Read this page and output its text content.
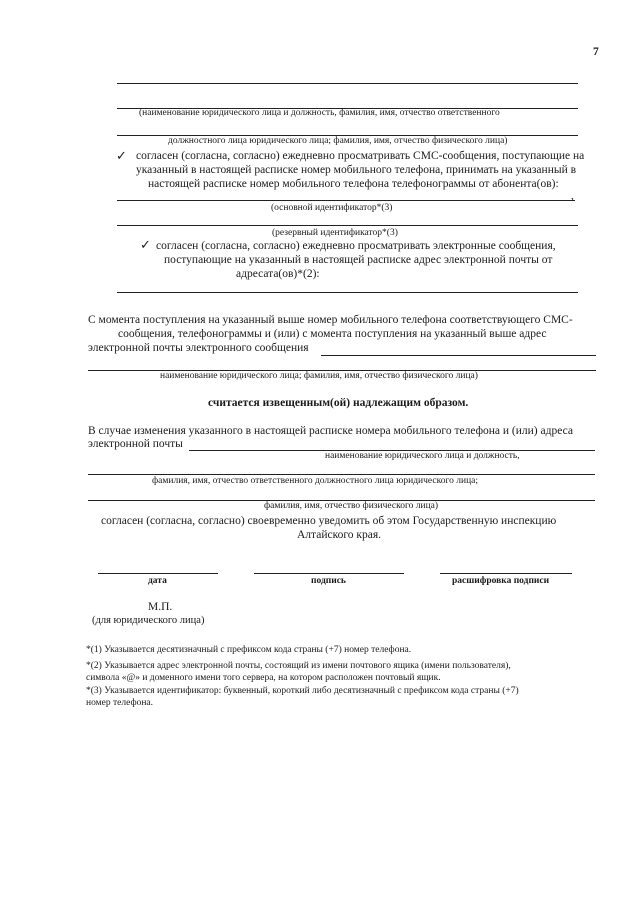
7
(наименование юридического лица и должность, фамилия, имя, отчество ответственного
должностного лица юридического лица; фамилия, имя, отчество физического лица)
✓ согласен (согласна, согласно) ежедневно просматривать СМС-сообщения, поступающие на
указанный в настоящей расписке номер мобильного телефона, принимать на указанный в
настоящей расписке номер мобильного телефона телефонограммы от абонента(ов):
,
(основной идентификатор*(3)
(резервный идентификатор*(3)
✓ согласен (согласна, согласно) ежедневно просматривать электронные сообщения,
поступающие на указанный в настоящей расписке адрес электронной почты от
адресата(ов)*(2):
С момента поступления на указанный выше номер мобильного телефона соответствующего СМС-
сообщения, телефонограммы и (или) с момента поступления на указанный выше адрес
электронной почты электронного сообщения
наименование юридического лица; фамилия, имя, отчество физического лица)
считается извещенным(ой) надлежащим образом.
В случае изменения указанного в настоящей расписке номера мобильного телефона и (или) адреса
электронной почты
наименование юридического лица и должность,
фамилия, имя, отчество ответственного должностного лица юридического лица;
фамилия, имя, отчество физического лица)
согласен (согласна, согласно) своевременно уведомить об этом Государственную инспекцию
Алтайского края.
дата	подпись	расшифровка подписи
М.П.
(для юридического лица)
*(1) Указывается десятизначный с префиксом кода страны (+7) номер телефона.
*(2) Указывается адрес электронной почты, состоящий из имени почтового ящика (имени пользователя),
символа «@» и доменного имени того сервера, на котором расположен почтовый ящик.
*(3) Указывается идентификатор: буквенный, короткий либо десятизначный с префиксом кода страны (+7)
номер телефона.
